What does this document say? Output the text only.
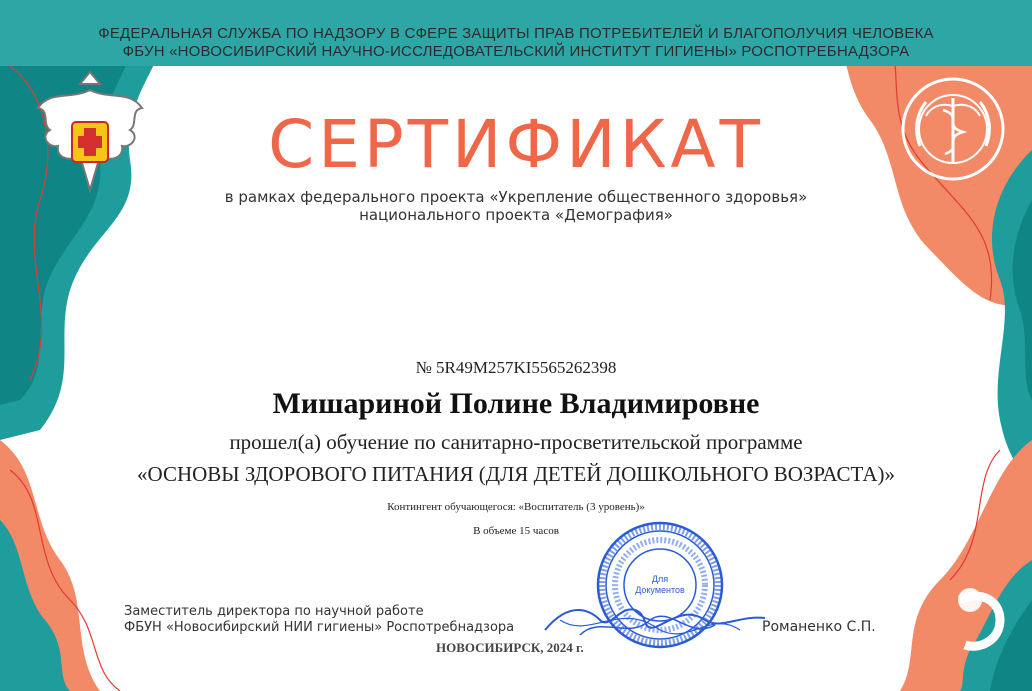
ФЕДЕРАЛЬНАЯ СЛУЖБА ПО НАДЗОРУ В СФЕРЕ ЗАЩИТЫ ПРАВ ПОТРЕБИТЕЛЕЙ И БЛАГОПОЛУЧИЯ ЧЕЛОВЕКА
ФБУН «НОВОСИБИРСКИЙ НАУЧНО-ИССЛЕДОВАТЕЛЬСКИЙ ИНСТИТУТ ГИГИЕНЫ» РОСПОТРЕБНАДЗОРА
СЕРТИФИКАТ
в рамках федерального проекта «Укрепление общественного здоровья»
национального проекта «Демография»
№ 5R49M257KI5565262398
Мишариной Полине Владимировне
прошел(а) обучение по санитарно-просветительской программе
«ОСНОВЫ ЗДОРОВОГО ПИТАНИЯ (ДЛЯ ДЕТЕЙ ДОШКОЛЬНОГО ВОЗРАСТА)»
Контингент обучающегося: «Воспитатель (3 уровень)»
В объеме 15 часов
Для
Документов
Заместитель директора по научной работе
ФБУН «Новосибирский НИИ гигиены» Роспотребнадзора	Романенко С.П.
НОВОСИБИРСК, 2024 г.
